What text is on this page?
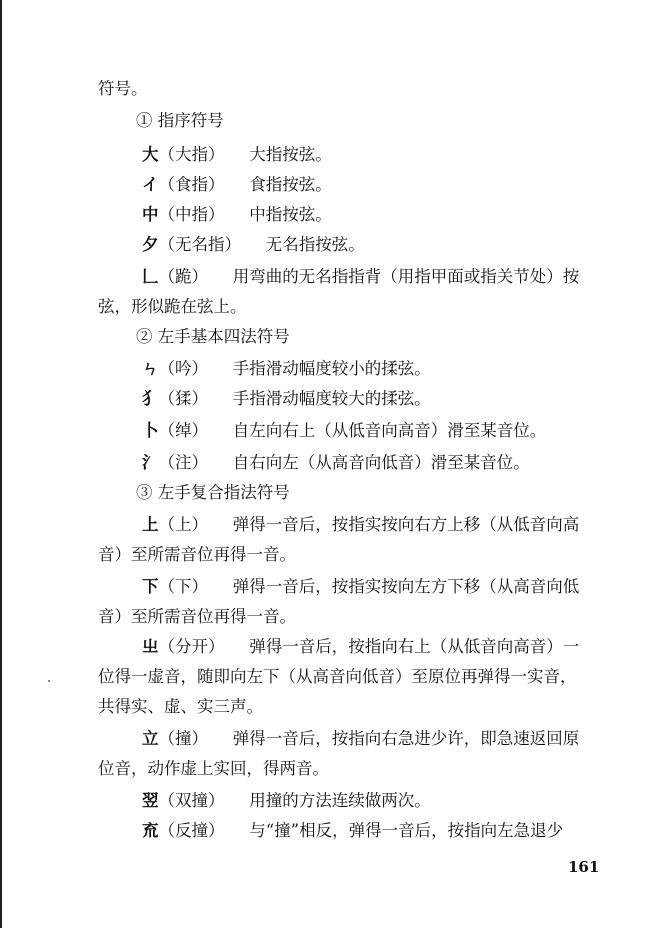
符号。
① 指序符号
大（大指）　　大指按弦。
イ（食指）　　食指按弦。
中（中指）　　中指按弦。
夕（无名指）　　无名指按弦。
𠃊（跪）　　用弯曲的无名指指背（用指甲面或指关节处）按
弦，形似跪在弦上。
② 左手基本四法符号
ㄣ（吟）　　手指滑动幅度较小的揉弦。
犭（猱）　　手指滑动幅度较大的揉弦。
卜（绰）　　自左向右上（从低音向高音）滑至某音位。
氵（注）　　自右向左（从高音向低音）滑至某音位。
③ 左手复合指法符号
上（上）　　弹得一音后，按指实按向右方上移（从低音向高
音）至所需音位再得一音。
下（下）　　弹得一音后，按指实按向左方下移（从高音向低
音）至所需音位再得一音。
㞢（分开）　　弹得一音后，按指向右上（从低音向高音）一
位得一虚音，随即向左下（从高音向低音）至原位再弹得一实音，
共得实、虚、实三声。
立（撞）　　弹得一音后，按指向右急进少许，即急速返回原
位音，动作虚上实回，得两音。
翌（双撞）　　用撞的方法连续做两次。
㐬（反撞）　　与“撞”相反，弹得一音后，按指向左急退少
161
